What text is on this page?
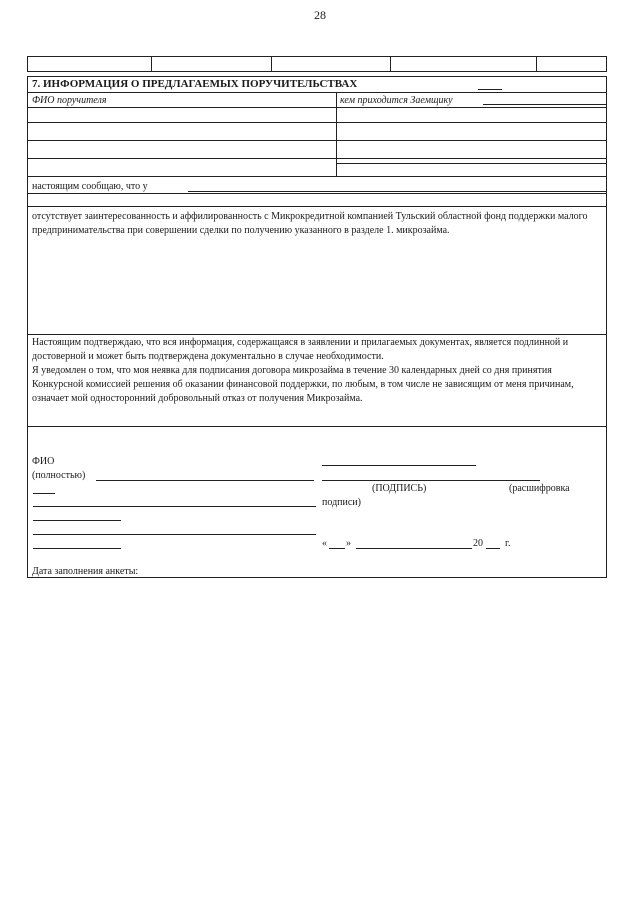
28
7. ИНФОРМАЦИЯ О ПРЕДЛАГАЕМЫХ ПОРУЧИТЕЛЬСТВАХ
ФИО поручителя	кем приходится Заемщику
настоящим сообщаю, что у
отсутствует заинтересованность и аффилированность с Микрокредитной компанией Тульский областной фонд поддержки малого предпринимательства при совершении сделки по получению указанного в разделе 1. микрозайма.
Настоящим подтверждаю, что вся информация, содержащаяся в заявлении и прилагаемых документах, является подлинной и достоверной и может быть подтверждена документально в случае необходимости.
Я уведомлен о том, что моя неявка для подписания договора микрозайма в течение 30 календарных дней со дня принятия Конкурсной комиссией решения об оказании финансовой поддержки, по любым, в том числе не зависящим от меня причинам, означает мой односторонний добровольный отказ от получения Микрозайма.
ФИО
(полностью)
(ПОДПИСЬ)	(расшифровка
подписи)
« »	20 г.
Дата заполнения анкеты:
